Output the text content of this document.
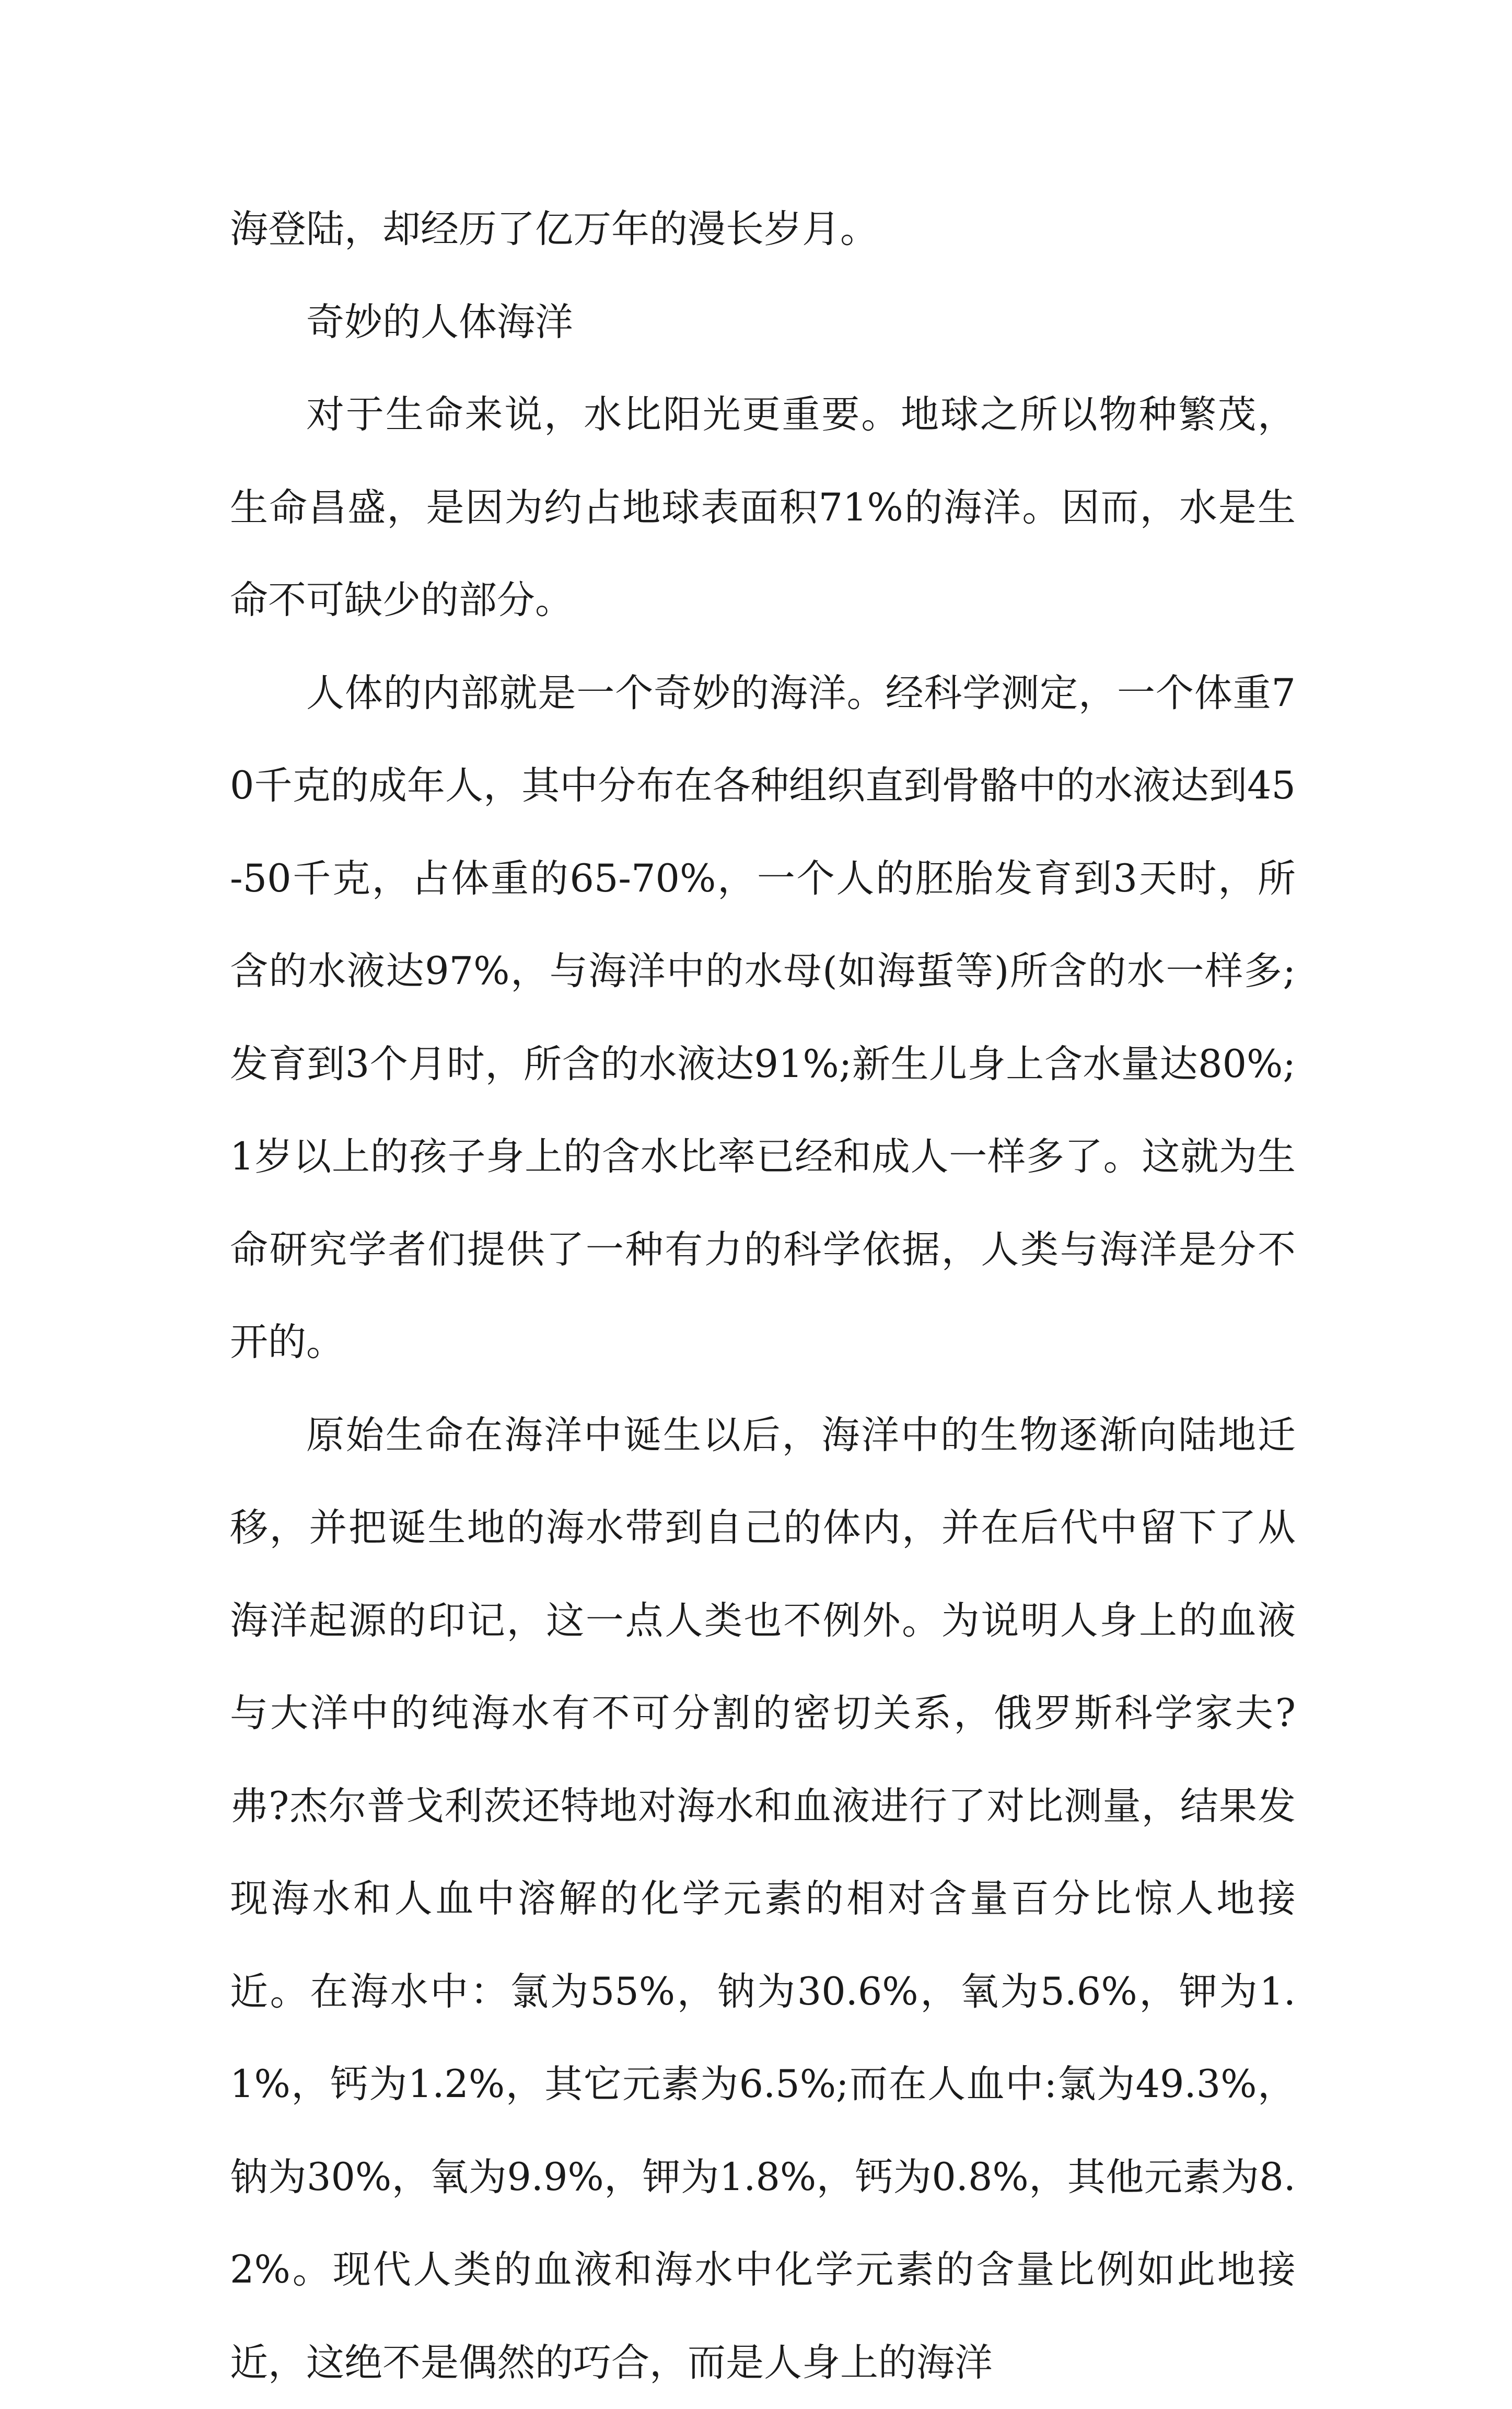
海登陆，却经历了亿万年的漫长岁月。

奇妙的人体海洋

对于生命来说，水比阳光更重要。地球之所以物种繁茂，生命昌盛，是因为约占地球表面积71%的海洋。因而，水是生命不可缺少的部分。

人体的内部就是一个奇妙的海洋。经科学测定，一个体重70千克的成年人，其中分布在各种组织直到骨骼中的水液达到45-50千克，占体重的65-70%，一个人的胚胎发育到3天时，所含的水液达97%，与海洋中的水母(如海蜇等)所含的水一样多;发育到3个月时，所含的水液达91%;新生儿身上含水量达80%;1岁以上的孩子身上的含水比率已经和成人一样多了。这就为生命研究学者们提供了一种有力的科学依据，人类与海洋是分不开的。

原始生命在海洋中诞生以后，海洋中的生物逐渐向陆地迁移，并把诞生地的海水带到自己的体内，并在后代中留下了从海洋起源的印记，这一点人类也不例外。为说明人身上的血液与大洋中的纯海水有不可分割的密切关系，俄罗斯科学家夫?弗?杰尔普戈利茨还特地对海水和血液进行了对比测量，结果发现海水和人血中溶解的化学元素的相对含量百分比惊人地接近。在海水中：氯为55%，钠为30.6%，氧为5.6%，钾为1.1%，钙为1.2%，其它元素为6.5%;而在人血中:氯为49.3%，钠为30%，氧为9.9%，钾为1.8%，钙为0.8%，其他元素为8.2%。现代人类的血液和海水中化学元素的含量比例如此地接近，这绝不是偶然的巧合，而是人身上的海洋
